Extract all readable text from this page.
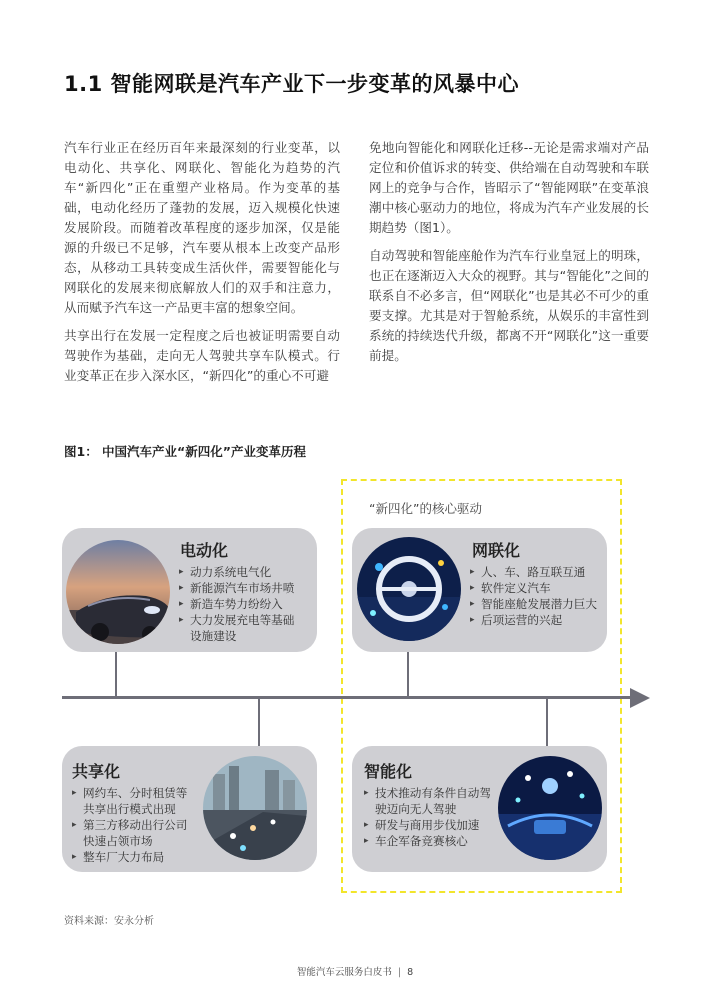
1.1 智能网联是汽车产业下一步变革的风暴中心

汽车行业正在经历百年来最深刻的行业变革，以电动化、共享化、网联化、智能化为趋势的汽车“新四化”正在重塑产业格局。作为变革的基础，电动化经历了蓬勃的发展，迈入规模化快速发展阶段。而随着改革程度的逐步加深，仅是能源的升级已不足够，汽车要从根本上改变产品形态，从移动工具转变成生活伙伴，需要智能化与网联化的发展来彻底解放人们的双手和注意力，从而赋予汽车这一产品更丰富的想象空间。

共享出行在发展一定程度之后也被证明需要自动驾驶作为基础，走向无人驾驶共享车队模式。行业变革正在步入深水区，“新四化”的重心不可避

免地向智能化和网联化迁移--无论是需求端对产品定位和价值诉求的转变、供给端在自动驾驶和车联网上的竞争与合作，皆昭示了“智能网联”在变革浪潮中核心驱动力的地位，将成为汽车产业发展的长期趋势（图1）。

自动驾驶和智能座舱作为汽车行业皇冠上的明珠，也正在逐渐迈入大众的视野。其与“智能化”之间的联系自不必多言，但“网联化”也是其必不可少的重要支撑。尤其是对于智舱系统，从娱乐的丰富性到系统的持续迭代升级，都离不开“网联化”这一重要前提。

图1： 中国汽车产业“新四化”产业变革历程
“新四化”的核心驱动
电动化
▸ 动力系统电气化
▸ 新能源汽车市场井喷
▸ 新造车势力纷纷入
▸ 大力发展充电等基础设施建设
网联化
▸ 人、车、路互联互通
▸ 软件定义汽车
▸ 智能座舱发展潜力巨大
▸ 后项运营的兴起
共享化
▸ 网约车、分时租赁等共享出行模式出现
▸ 第三方移动出行公司快速占领市场
▸ 整车厂大力布局
智能化
▸ 技术推动有条件自动驾驶迈向无人驾驶
▸ 研发与商用步伐加速
▸ 车企军备竞赛核心
资料来源：安永分析
智能汽车云服务白皮书 | 8
